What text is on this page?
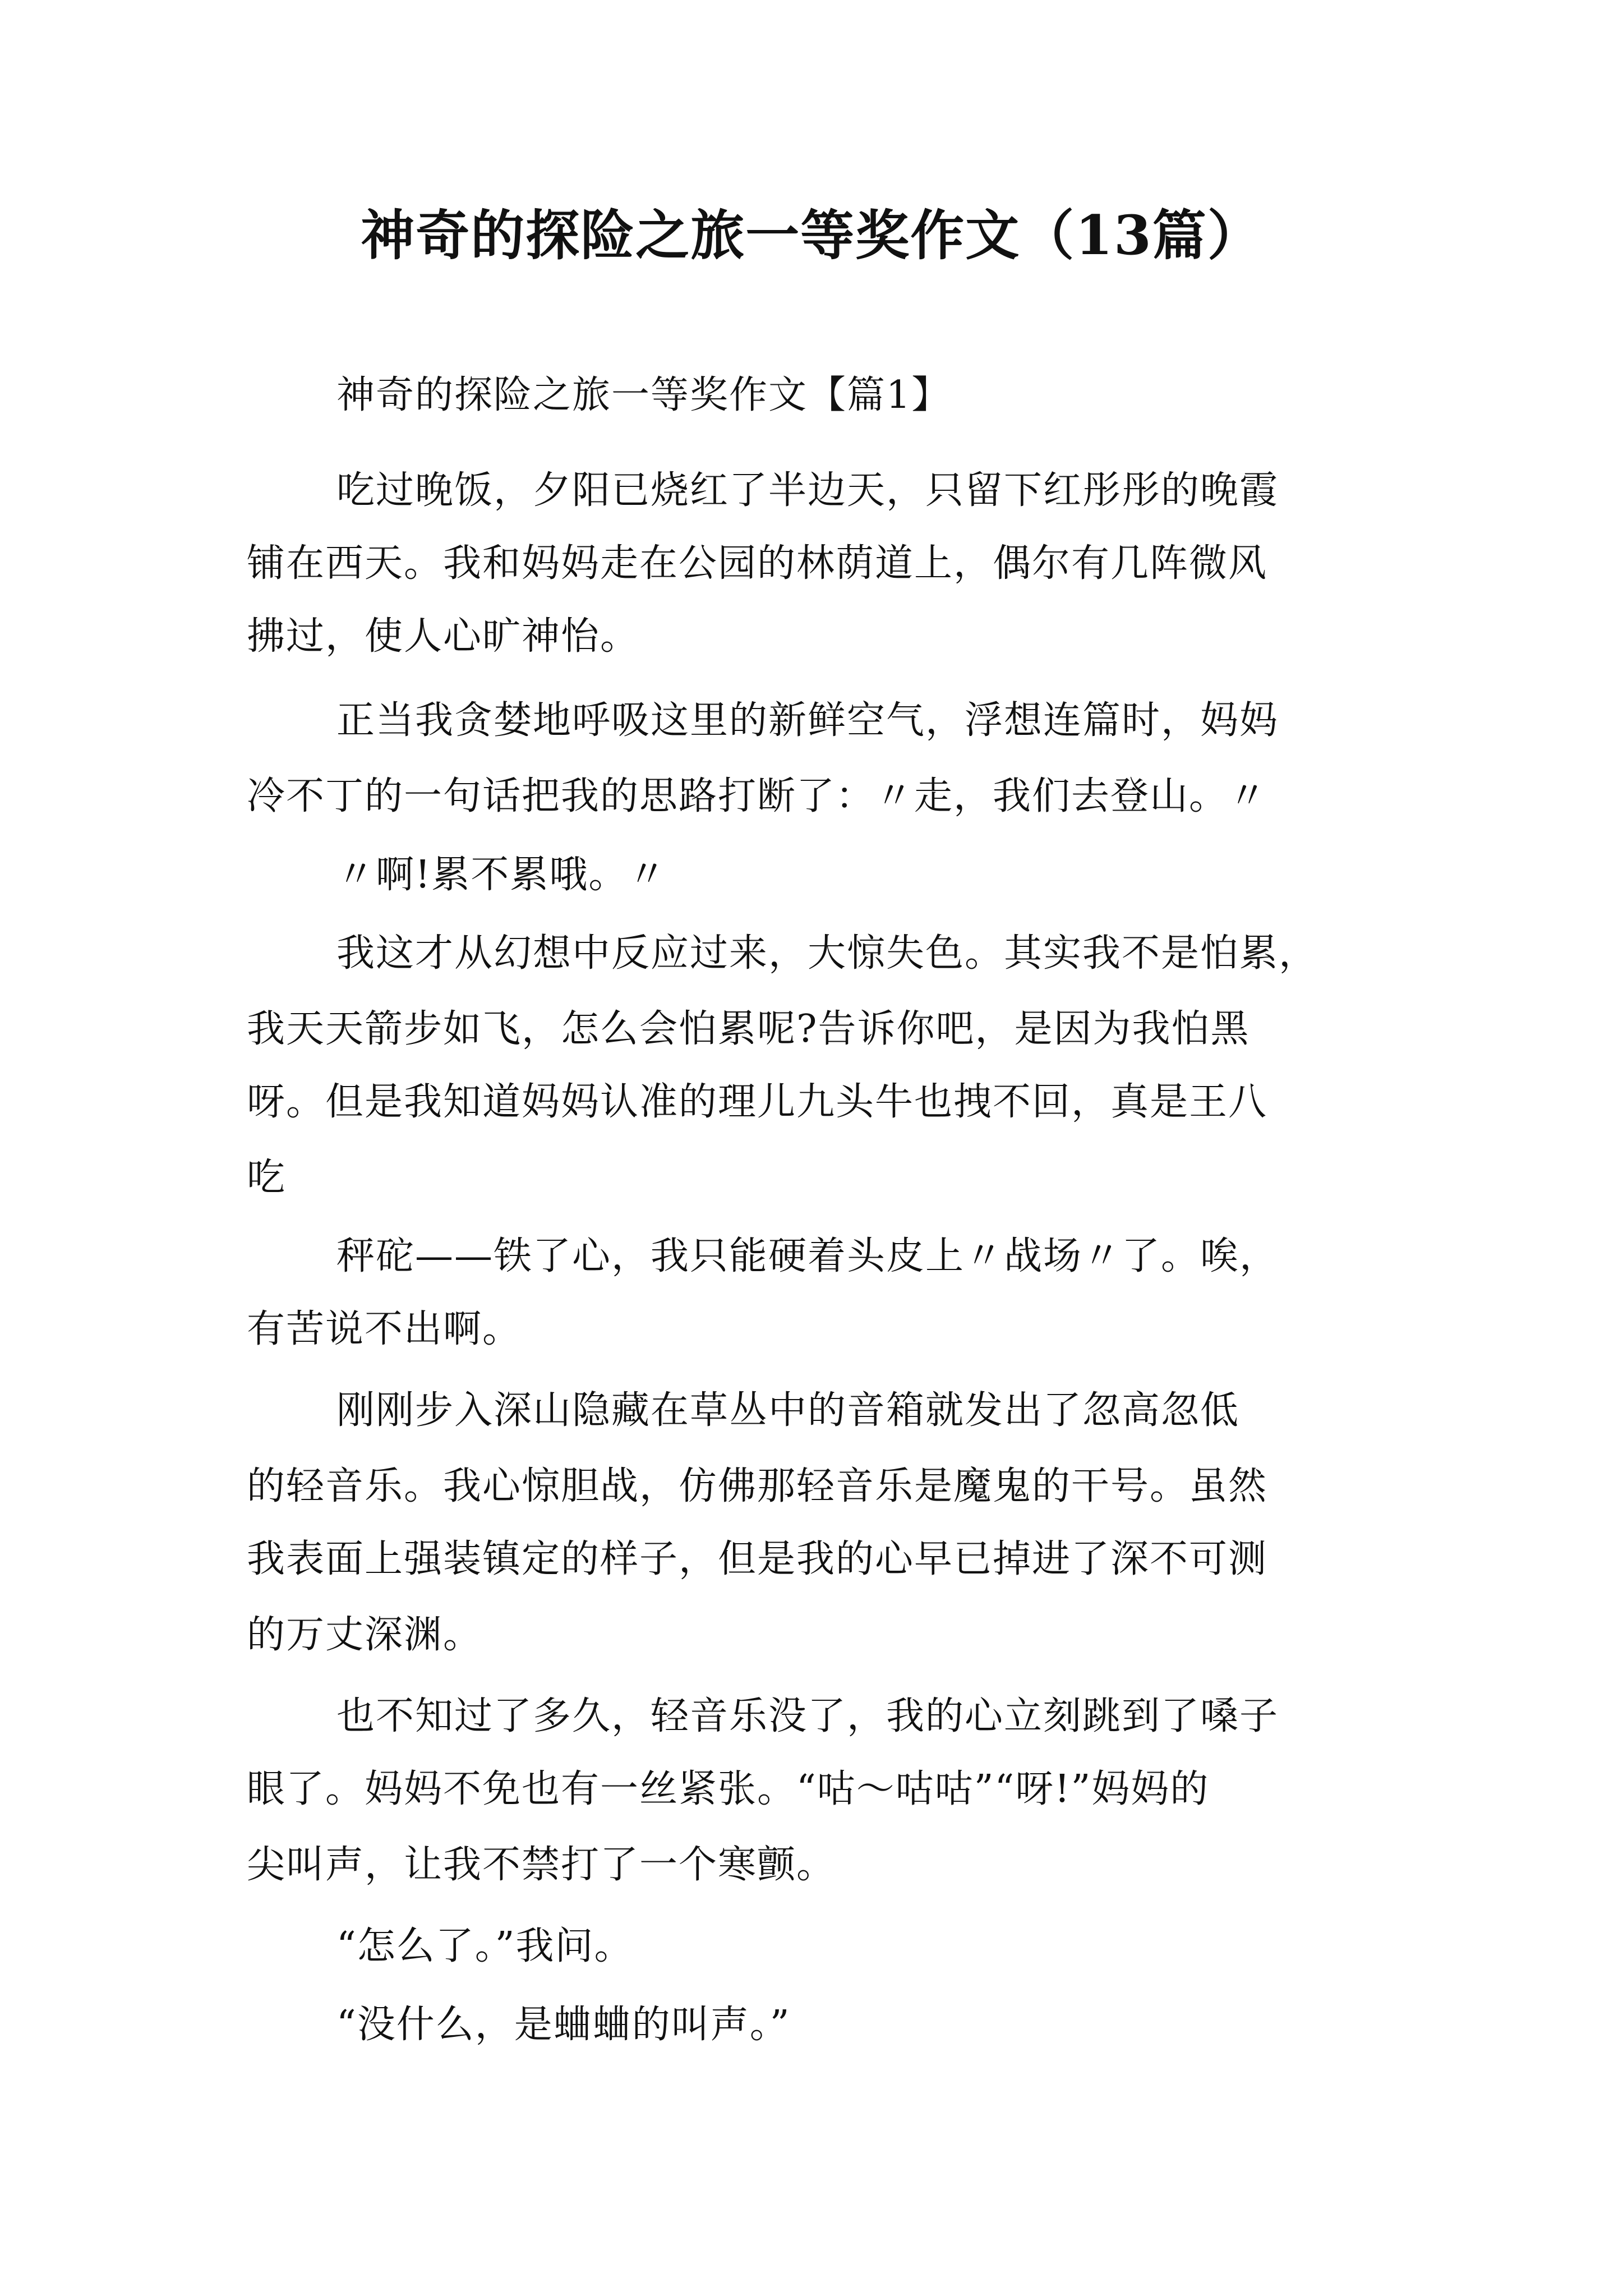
神奇的探险之旅一等奖作文（13篇）
神奇的探险之旅一等奖作文【篇1】
吃过晚饭，夕阳已烧红了半边天，只留下红彤彤的晚霞
铺在西天。我和妈妈走在公园的林荫道上，偶尔有几阵微风
拂过，使人心旷神怡。
正当我贪婪地呼吸这里的新鲜空气，浮想连篇时，妈妈
冷不丁的一句话把我的思路打断了：〃走，我们去登山。〃
〃啊!累不累哦。〃
我这才从幻想中反应过来，大惊失色。其实我不是怕累，
我天天箭步如飞，怎么会怕累呢?告诉你吧，是因为我怕黑
呀。但是我知道妈妈认准的理儿九头牛也拽不回，真是王八
吃
秤砣——铁了心，我只能硬着头皮上〃战场〃了。唉，
有苦说不出啊。
刚刚步入深山隐藏在草丛中的音箱就发出了忽高忽低
的轻音乐。我心惊胆战，仿佛那轻音乐是魔鬼的干号。虽然
我表面上强装镇定的样子，但是我的心早已掉进了深不可测
的万丈深渊。
也不知过了多久，轻音乐没了，我的心立刻跳到了嗓子
眼了。妈妈不免也有一丝紧张。“咕～咕咕”“呀!”妈妈的
尖叫声，让我不禁打了一个寒颤。
“怎么了。”我问。
“没什么，是蛐蛐的叫声。”
